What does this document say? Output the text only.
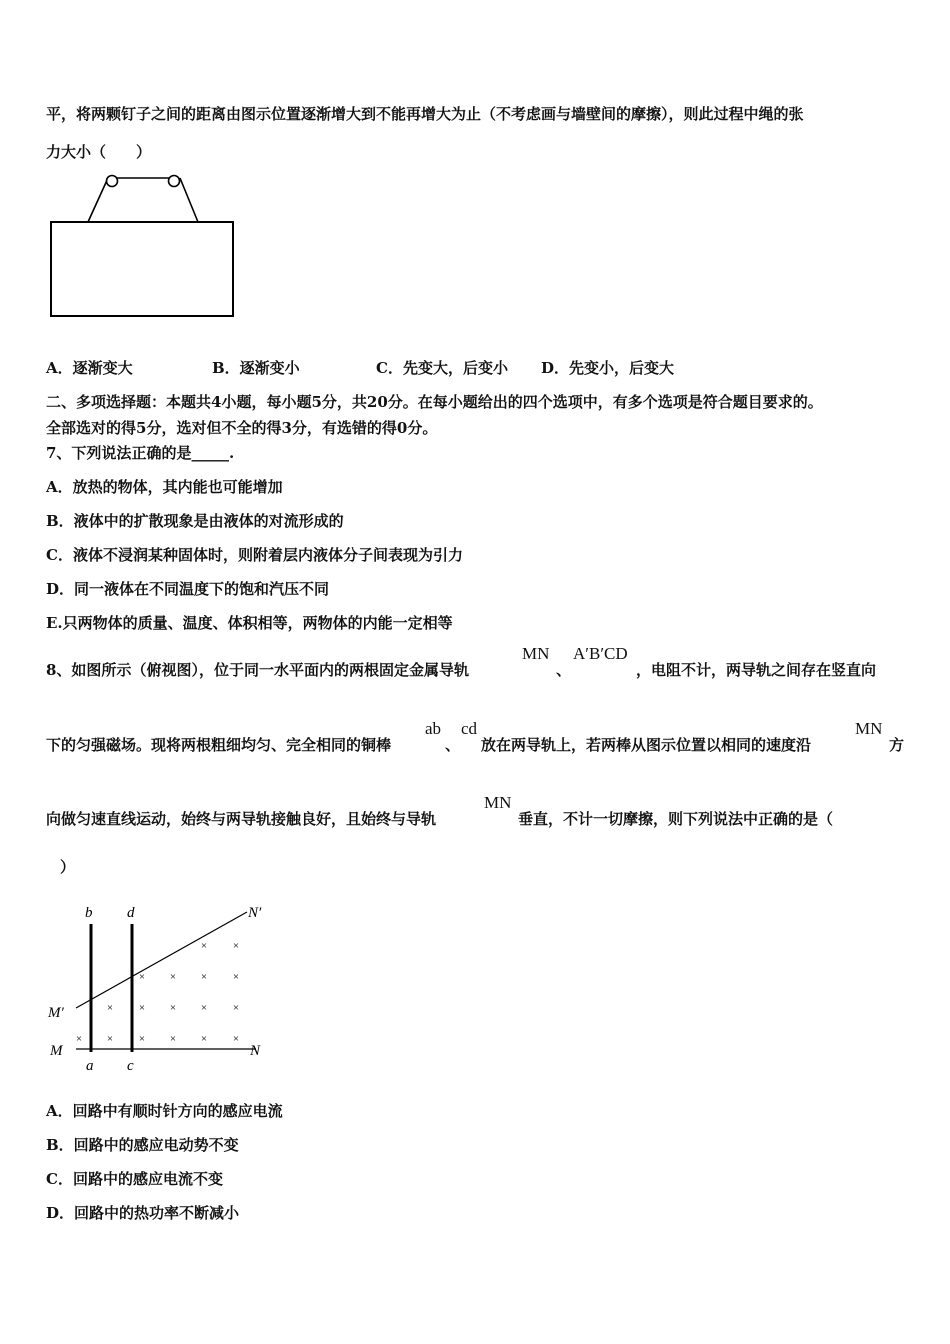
平，将两颗钉子之间的距离由图示位置逐渐增大到不能再增大为止（不考虑画与墙壁间的摩擦），则此过程中绳的张
力大小（　　）
A．逐渐变大	B．逐渐变小	C．先变大，后变小 D．先变小，后变大
二、多项选择题：本题共4小题，每小题5分，共20分。在每小题给出的四个选项中，有多个选项是符合题目要求的。
全部选对的得5分，选对但不全的得3分，有选错的得0分。
7、下列说法正确的是_____.
A．放热的物体，其内能也可能增加
B．液体中的扩散现象是由液体的对流形成的
C．液体不浸润某种固体时，则附着层内液体分子间表现为引力
D．同一液体在不同温度下的饱和汽压不同
E.只两物体的质量、温度、体积相等，两物体的内能一定相等
8、如图所示（俯视图），位于同一水平面内的两根固定金属导轨
MN
、
A′B′CD
，电阻不计，两导轨之间存在竖直向
下的匀强磁场。现将两根粗细均匀、完全相同的铜棒
ab
、
cd
放在两导轨上，若两棒从图示位置以相同的速度沿
MN
方
向做匀速直线运动，始终与两导轨接触良好，且始终与导轨
MN
垂直，不计一切摩擦，则下列说法中正确的是（
）
× ×
× × × ×
× × × × ×
× × × × × ×
b d	N′
M′
M	N
a c
A．回路中有顺时针方向的感应电流
B．回路中的感应电动势不变
C．回路中的感应电流不变
D．回路中的热功率不断减小
